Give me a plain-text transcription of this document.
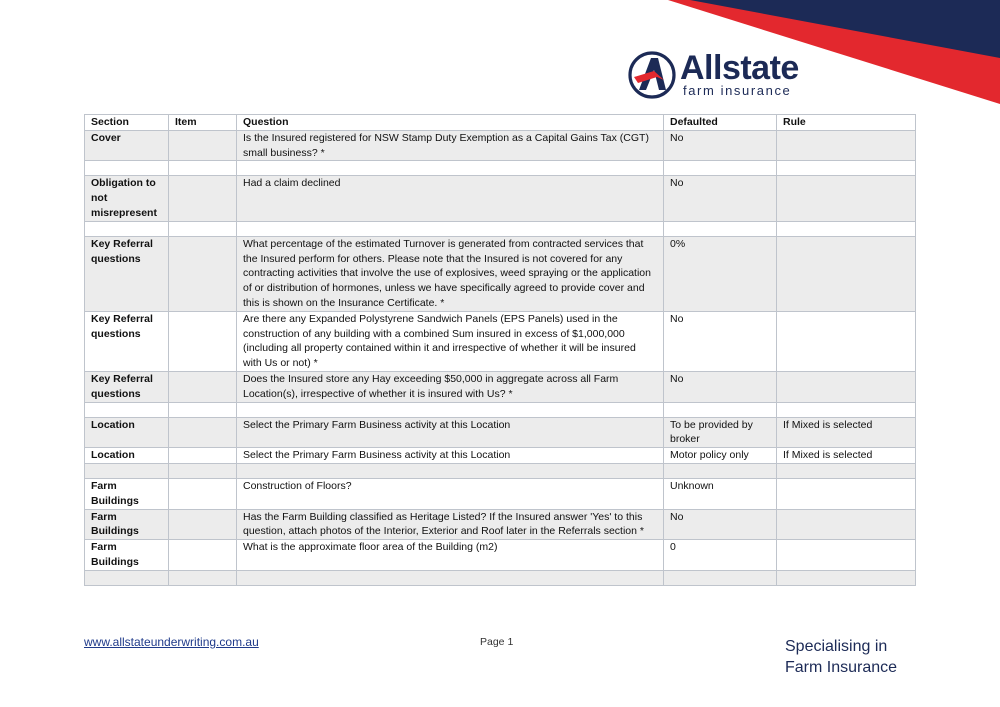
Allstate
farm insurance
Section	Item	Question	Defaulted	Rule
Cover		Is the Insured registered for NSW Stamp Duty Exemption as a Capital Gains Tax (CGT) small business? *	No	

Obligation to not misrepresent		Had a claim declined	No	

Key Referral questions		What percentage of the estimated Turnover is generated from contracted services that the Insured perform for others. Please note that the Insured is not covered for any contracting activities that involve the use of explosives, weed spraying or the application of or distribution of hormones, unless we have specifically agreed to provide cover and this is shown on the Insurance Certificate. *	0%	
Key Referral questions		Are there any Expanded Polystyrene Sandwich Panels (EPS Panels) used in the construction of any building with a combined Sum insured in excess of $1,000,000 (including all property contained within it and irrespective of whether it will be insured with Us or not) *	No	
Key Referral questions		Does the Insured store any Hay exceeding $50,000 in aggregate across all Farm Location(s), irrespective of whether it is insured with Us? *	No	

Location		Select the Primary Farm Business activity at this Location	To be provided by broker	If Mixed is selected
Location		Select the Primary Farm Business activity at this Location	Motor policy only	If Mixed is selected

Farm Buildings		Construction of Floors?	Unknown	
Farm Buildings		Has the Farm Building classified as Heritage Listed? If the Insured answer 'Yes' to this question, attach photos of the Interior, Exterior and Roof later in the Referrals section *	No	
Farm Buildings		What is the approximate floor area of the Building (m2)	0	

www.allstateunderwriting.com.au	Page 1	Specialising in
Farm Insurance
